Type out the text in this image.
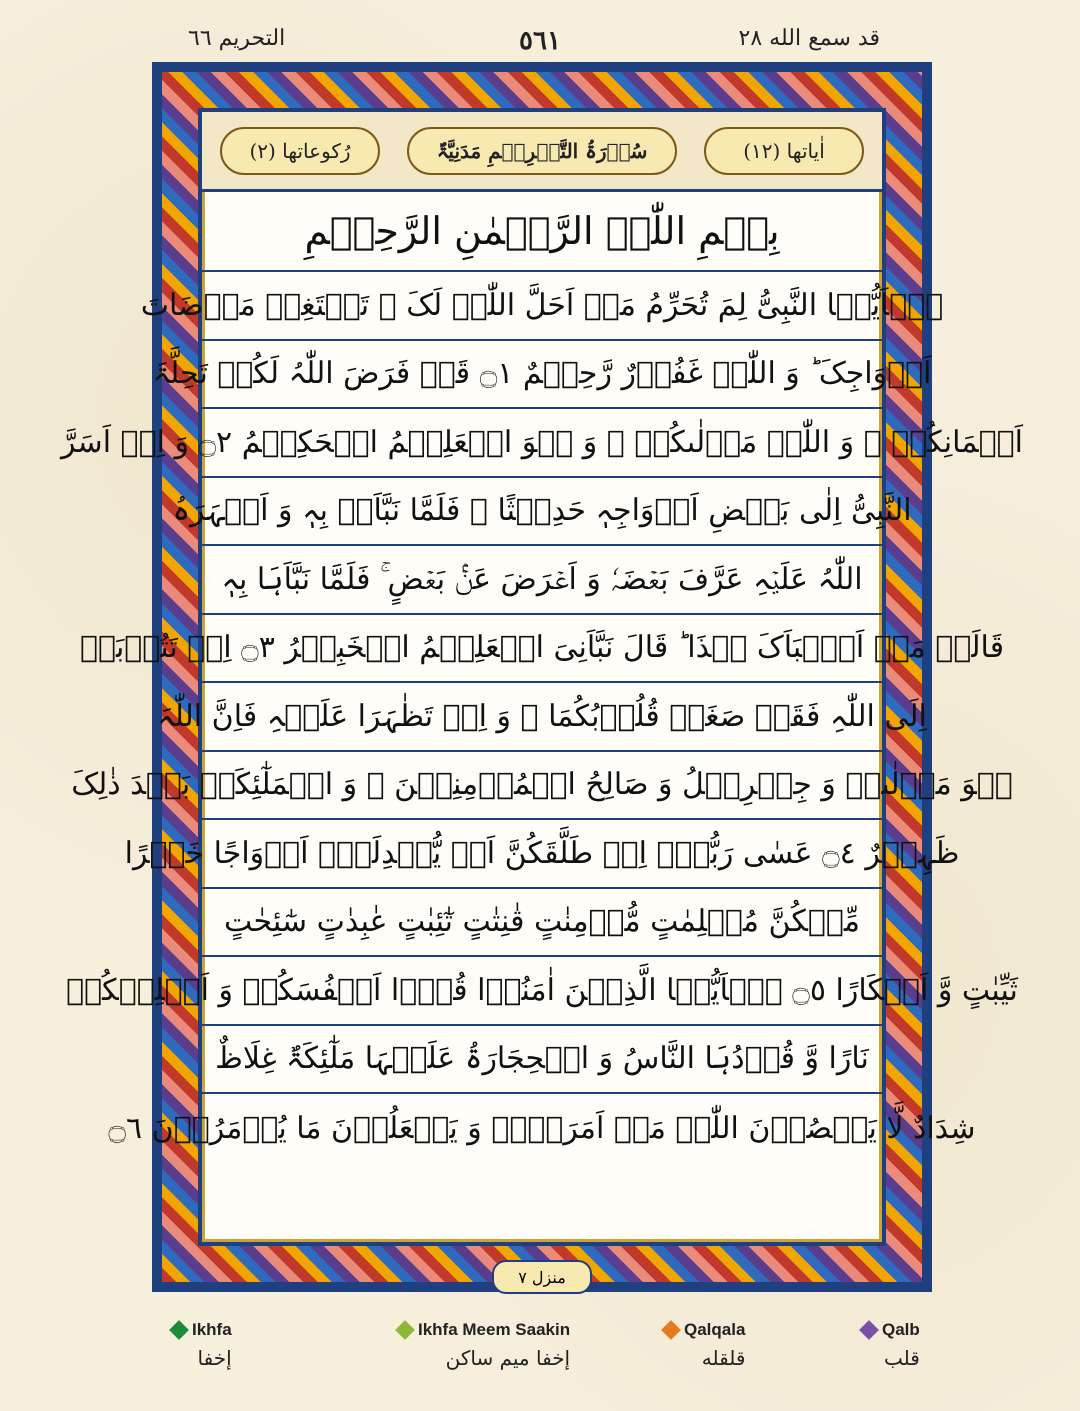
التحریم ٦٦	٥٦١	قد سمع الله ٢٨
رُکوعاتها (٢)	سُوۡرَۃُ التَّحۡرِیۡمِ مَدَنِیَّۃٌ	اٰیاتها (١٢)
بِسۡمِ اللّٰہِ الرَّحۡمٰنِ الرَّحِیۡمِ
یٰۤاَیُّہَا النَّبِیُّ لِمَ تُحَرِّمُ مَاۤ اَحَلَّ اللّٰہُ لَکَ ۚ تَبۡتَغِیۡ مَرۡضَاتَ
اَزۡوَاجِکَ ؕ وَ اللّٰہُ غَفُوۡرٌ رَّحِیۡمٌ ۝١ قَدۡ فَرَضَ اللّٰہُ لَکُمۡ تَحِلَّۃَ
اَیۡمَانِکُمۡ ۚ وَ اللّٰہُ مَوۡلٰىکُمۡ ۚ وَ ہُوَ الۡعَلِیۡمُ الۡحَکِیۡمُ ۝٢ وَ اِذۡ اَسَرَّ
النَّبِیُّ اِلٰی بَعۡضِ اَزۡوَاجِہٖ حَدِیۡثًا ۚ فَلَمَّا نَبَّاَتۡ بِہٖ وَ اَظۡہَرَہُ
اللّٰہُ عَلَیۡہِ عَرَّفَ بَعۡضَہٗ وَ اَعۡرَضَ عَنۡۢ بَعۡضٍ ۚ فَلَمَّا نَبَّاَہَا بِہٖ
قَالَتۡ مَنۡ اَنۡۢبَاَکَ ہٰذَا ؕ قَالَ نَبَّاَنِیَ الۡعَلِیۡمُ الۡخَبِیۡرُ ۝٣ اِنۡ تَتُوۡبَاۤ
اِلَی اللّٰہِ فَقَدۡ صَغَتۡ قُلُوۡبُکُمَا ۚ وَ اِنۡ تَظٰہَرَا عَلَیۡہِ فَاِنَّ اللّٰہَ
ہُوَ مَوۡلٰىہُ وَ جِبۡرِیۡلُ وَ صَالِحُ الۡمُؤۡمِنِیۡنَ ۚ وَ الۡمَلٰٓئِکَۃُ بَعۡدَ ذٰلِکَ
ظَہِیۡرٌ ۝٤ عَسٰی رَبُّہٗۤ اِنۡ طَلَّقَکُنَّ اَنۡ یُّبۡدِلَہٗۤ اَزۡوَاجًا خَیۡرًا
مِّنۡکُنَّ مُسۡلِمٰتٍ مُّؤۡمِنٰتٍ قٰنِتٰتٍ تٰٓئِبٰتٍ عٰبِدٰتٍ سٰٓئِحٰتٍ
ثَیِّبٰتٍ وَّ اَبۡکَارًا ۝٥ یٰۤاَیُّہَا الَّذِیۡنَ اٰمَنُوۡا قُوۡۤا اَنۡفُسَکُمۡ وَ اَہۡلِیۡکُمۡ
نَارًا وَّ قُوۡدُہَا النَّاسُ وَ الۡحِجَارَۃُ عَلَیۡہَا مَلٰٓئِکَۃٌ غِلَاظٌ
شِدَادٌ لَّا یَعۡصُوۡنَ اللّٰہَ مَاۤ اَمَرَہُمۡ وَ یَفۡعَلُوۡنَ مَا یُؤۡمَرُوۡنَ ۝٦
منزل ٧
Ikhfa
إخفا
Ikhfa Meem Saakin
إخفا میم ساکن
Qalqala
قلقله
Qalb
قلب
